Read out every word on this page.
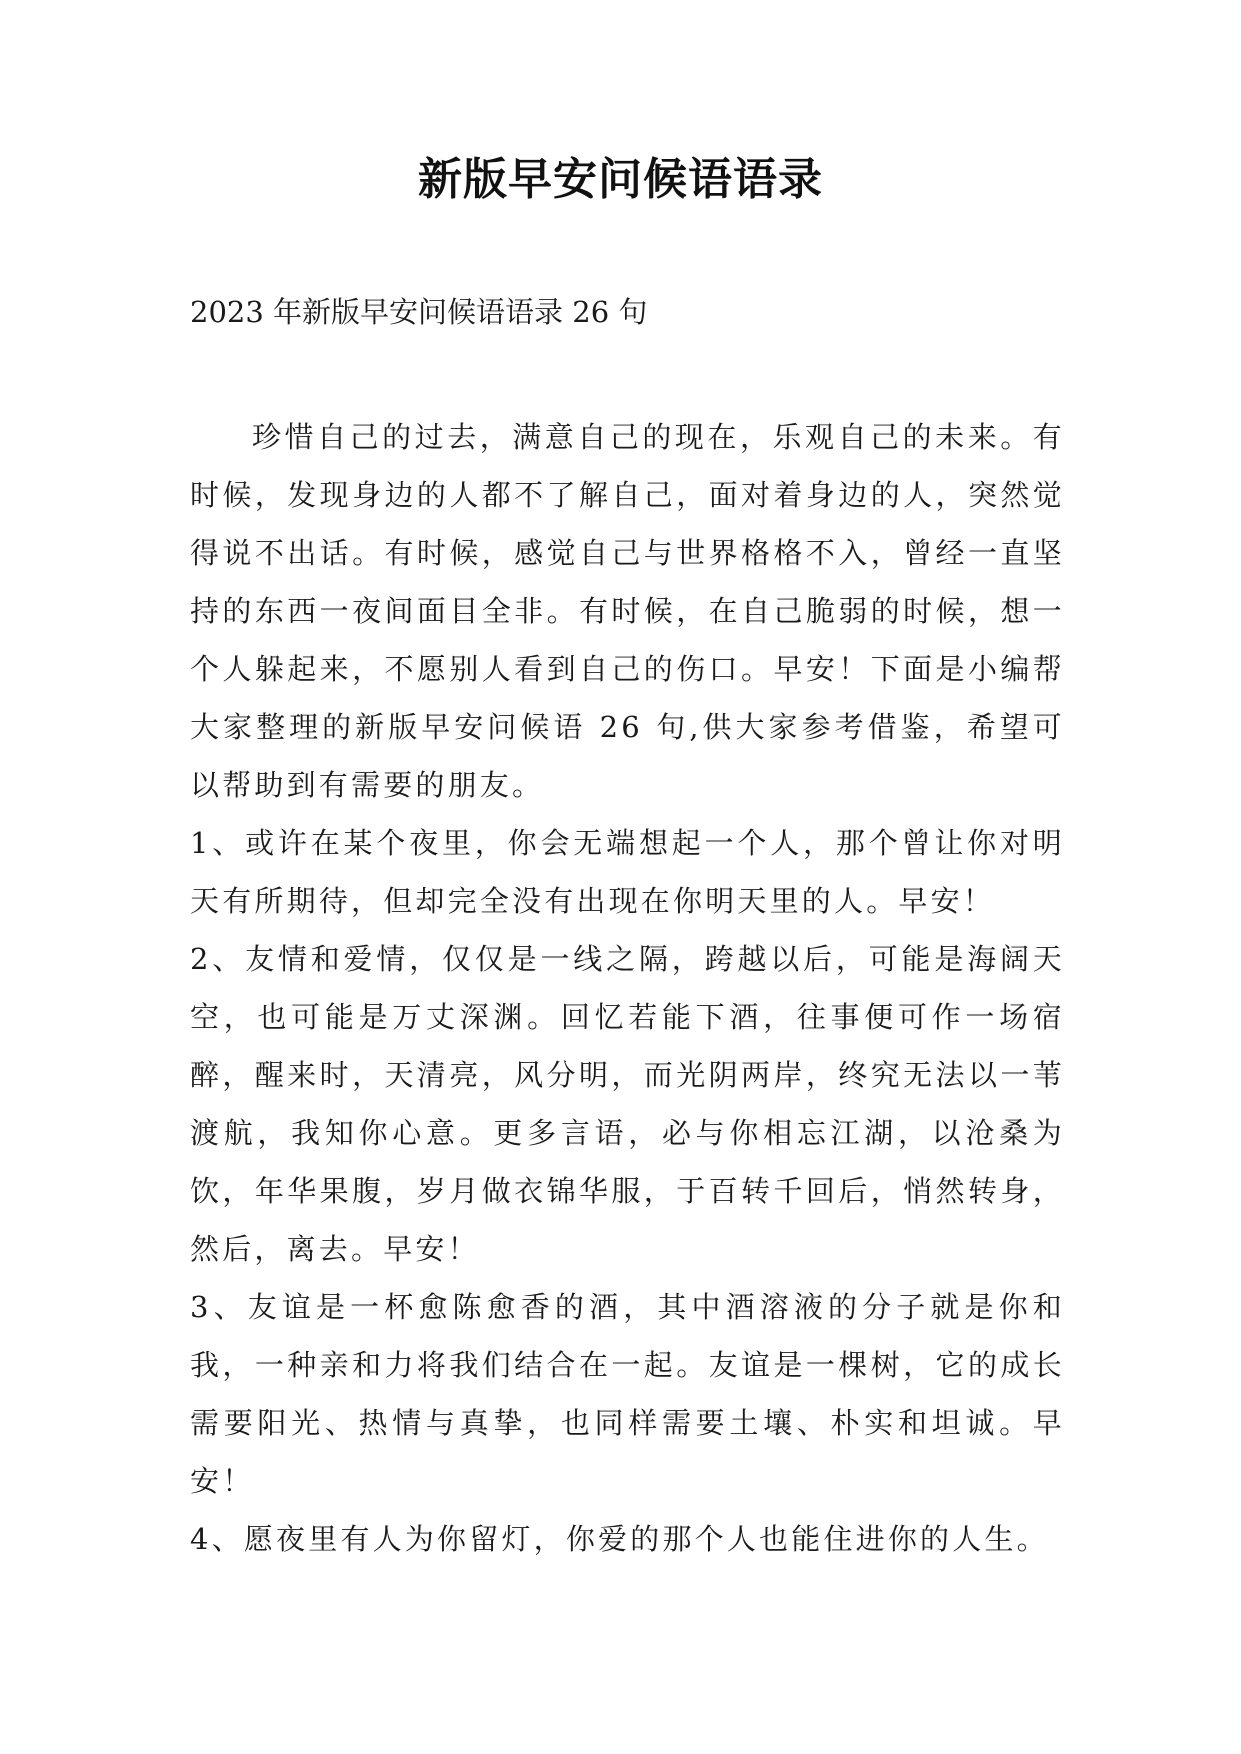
新版早安问候语语录
2023 年新版早安问候语语录 26 句

珍惜自己的过去，满意自己的现在，乐观自己的未来。有时候，发现身边的人都不了解自己，面对着身边的人，突然觉得说不出话。有时候，感觉自己与世界格格不入，曾经一直坚持的东西一夜间面目全非。有时候，在自己脆弱的时候，想一个人躲起来，不愿别人看到自己的伤口。早安！下面是小编帮大家整理的新版早安问候语 26 句,供大家参考借鉴，希望可以帮助到有需要的朋友。

1、或许在某个夜里，你会无端想起一个人，那个曾让你对明天有所期待，但却完全没有出现在你明天里的人。早安！

2、友情和爱情，仅仅是一线之隔，跨越以后，可能是海阔天空，也可能是万丈深渊。回忆若能下酒，往事便可作一场宿醉，醒来时，天清亮，风分明，而光阴两岸，终究无法以一苇渡航，我知你心意。更多言语，必与你相忘江湖，以沧桑为饮，年华果腹，岁月做衣锦华服，于百转千回后，悄然转身，然后，离去。早安！

3、友谊是一杯愈陈愈香的酒，其中酒溶液的分子就是你和我，一种亲和力将我们结合在一起。友谊是一棵树，它的成长需要阳光、热情与真挚，也同样需要土壤、朴实和坦诚。早安！

4、愿夜里有人为你留灯，你爱的那个人也能住进你的人生。
